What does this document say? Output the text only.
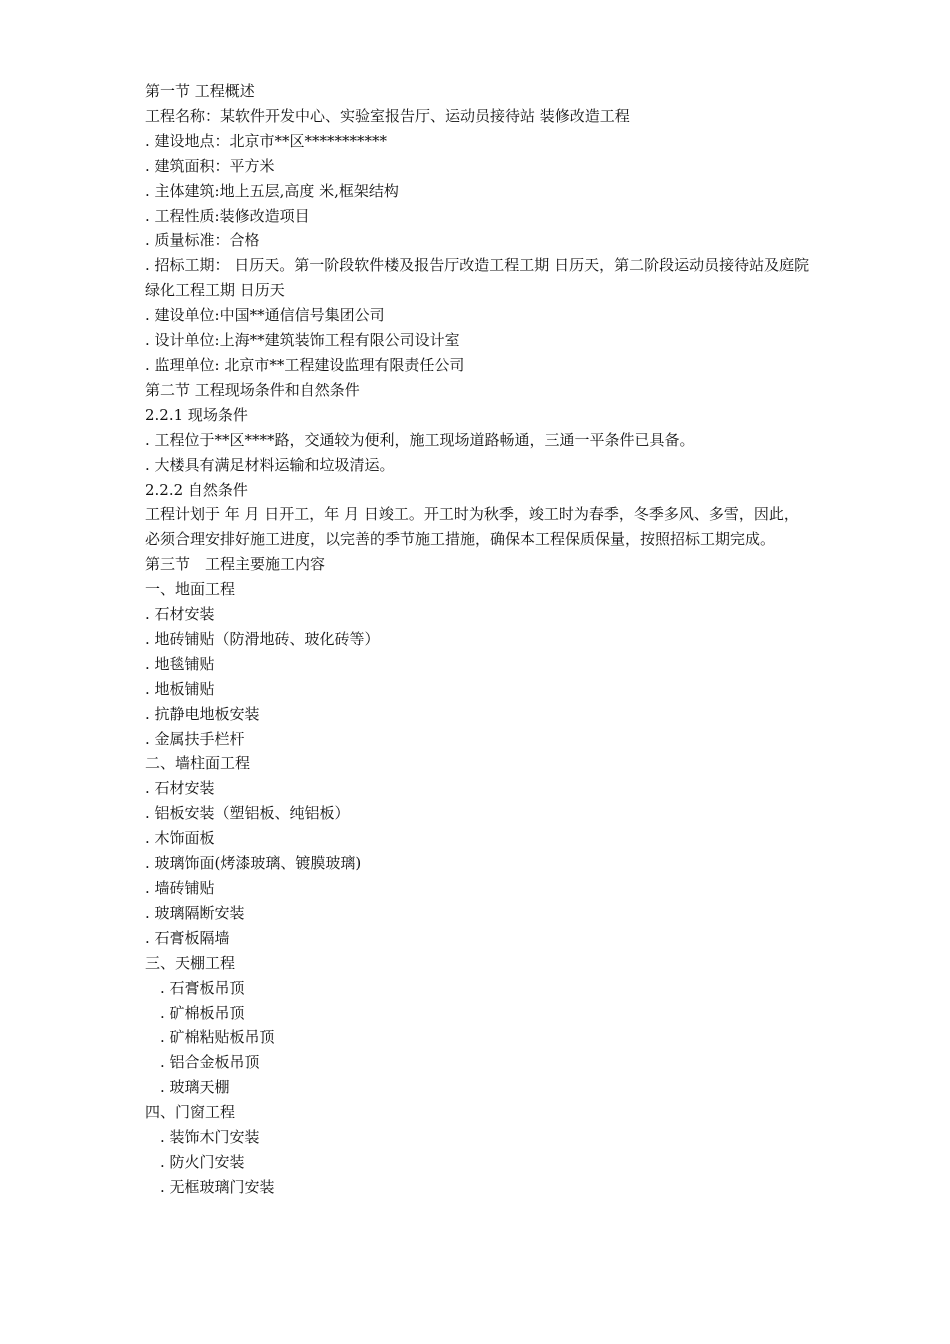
第一节 工程概述

工程名称：某软件开发中心、实验室报告厅、运动员接待站 装修改造工程

. 建设地点：北京市**区***********

. 建筑面积：平方米

. 主体建筑:地上五层,高度 米,框架结构

. 工程性质:装修改造项目

. 质量标准：合格

. 招标工期： 日历天。第一阶段软件楼及报告厅改造工程工期 日历天，第二阶段运动员接待站及庭院绿化工程工期 日历天

. 建设单位:中国**通信信号集团公司

. 设计单位:上海**建筑装饰工程有限公司设计室

. 监理单位: 北京市**工程建设监理有限责任公司

第二节 工程现场条件和自然条件

2.2.1 现场条件

. 工程位于**区****路，交通较为便利，施工现场道路畅通，三通一平条件已具备。

. 大楼具有满足材料运输和垃圾清运。

2.2.2 自然条件

工程计划于 年 月 日开工，年 月 日竣工。开工时为秋季，竣工时为春季，冬季多风、多雪，因此，必须合理安排好施工进度，以完善的季节施工措施，确保本工程保质保量，按照招标工期完成。

第三节　工程主要施工内容

一、地面工程

. 石材安装

. 地砖铺贴（防滑地砖、玻化砖等）

. 地毯铺贴

. 地板铺贴

. 抗静电地板安装

. 金属扶手栏杆

二、墙柱面工程

. 石材安装

. 铝板安装（塑铝板、纯铝板）

. 木饰面板

. 玻璃饰面(烤漆玻璃、镀膜玻璃)

. 墙砖铺贴

. 玻璃隔断安装

. 石膏板隔墙

三、天棚工程

. 石膏板吊顶

. 矿棉板吊顶

. 矿棉粘贴板吊顶

. 铝合金板吊顶

. 玻璃天棚

四、门窗工程

. 装饰木门安装

. 防火门安装

. 无框玻璃门安装
